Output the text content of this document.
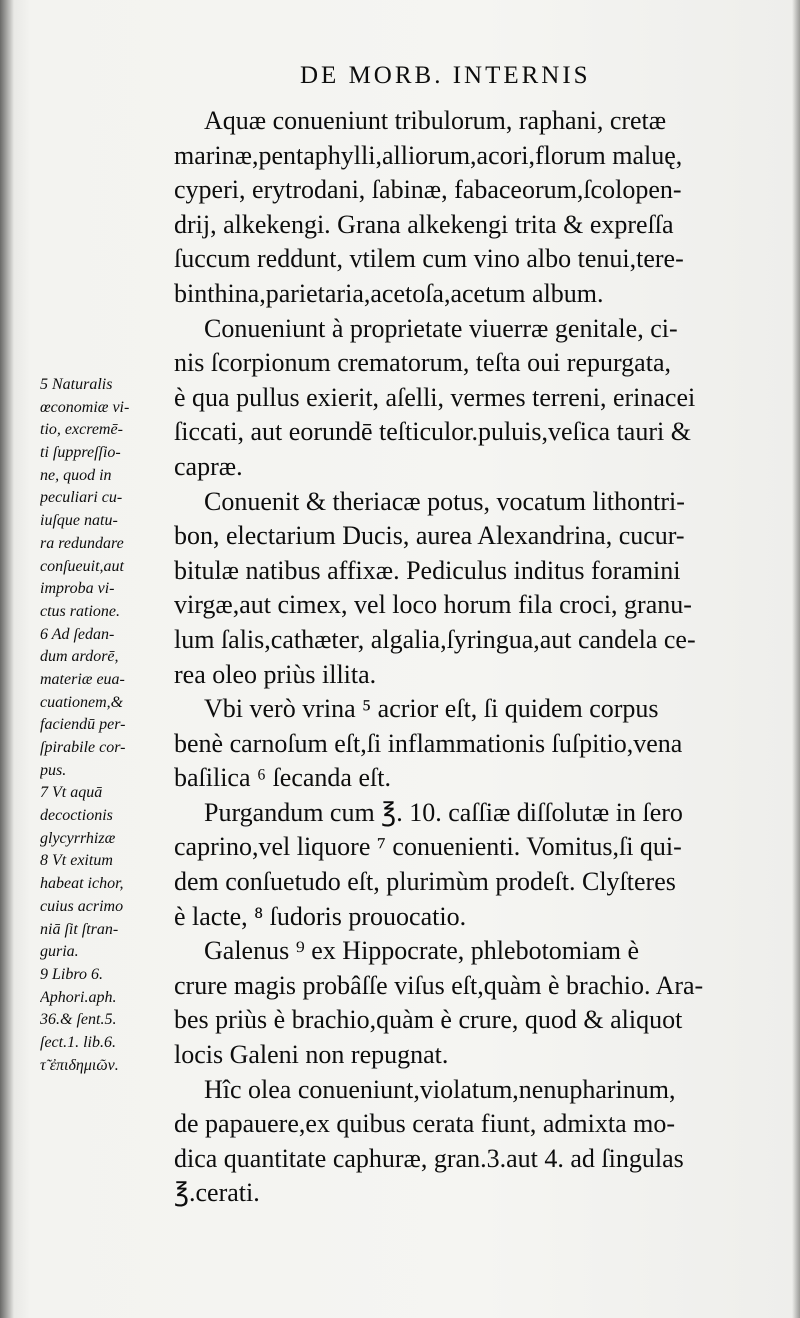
DE MORB. INTERNIS
Aquæ conueniunt tribulorum, raphani, cretæ
marinæ,pentaphylli,alliorum,acori,florum maluę,
cyperi, erytrodani, ſabinæ, fabaceorum,ſcolopen-
drij, alkekengi. Grana alkekengi trita & expreſſa
ſuccum reddunt, vtilem cum vino albo tenui,tere-
binthina,parietaria,acetoſa,acetum album.
Conueniunt à proprietate viuerræ genitale, ci-
nis ſcorpionum crematorum, teſta oui repurgata,
è qua pullus exierit, aſelli, vermes terreni, erinacei
ſiccati, aut eorundē teſticulor.puluis,veſica tauri &
capræ.
Conuenit & theriacæ potus, vocatum lithontri-
bon, electarium Ducis, aurea Alexandrina, cucur-
bitulæ natibus affixæ. Pediculus inditus foramini
virgæ,aut cimex, vel loco horum fila croci, granu-
lum ſalis,cathæter, algalia,ſyringua,aut candela ce-
rea oleo priùs illita.
Vbi verò vrina ⁵ acrior eſt, ſi quidem corpus
benè carnoſum eſt,ſi inflammationis ſuſpitio,vena
baſilica ⁶ ſecanda eſt.
Purgandum cum ℥. 10. caſſiæ diſſolutæ in ſero
caprino,vel liquore ⁷ conuenienti. Vomitus,ſi qui-
dem conſuetudo eſt, plurimùm prodeſt. Clyſteres
è lacte, ⁸ ſudoris prouocatio.
Galenus ⁹ ex Hippocrate, phlebotomiam è
crure magis probâſſe viſus eſt,quàm è brachio. Ara-
bes priùs è brachio,quàm è crure, quod & aliquot
locis Galeni non repugnat.
Hîc olea conueniunt,violatum,nenupharinum,
de papauere,ex quibus cerata fiunt, admixta mo-
dica quantitate caphuræ, gran.3.aut 4. ad ſingulas
℥.cerati.
5 Naturalis
œconomiæ vi-
tio, excremē-
ti ſuppreſſio-
ne, quod in
peculiari cu-
iuſque natu-
ra redundare
conſueuit,aut
improba vi-
ctus ratione.
6 Ad ſedan-
dum ardorē,
materiæ eua-
cuationem,&
faciendū per-
ſpirabile cor-
pus.
7 Vt aquā
decoctionis
glycyrrhizæ
8 Vt exitum
habeat ichor,
cuius acrimo
niā ſit ſtran-
guria.
9 Libro 6.
Aphori.aph.
36.& ſent.5.
ſect.1. lib.6.
τ̃ ἐπιδημιῶν.
